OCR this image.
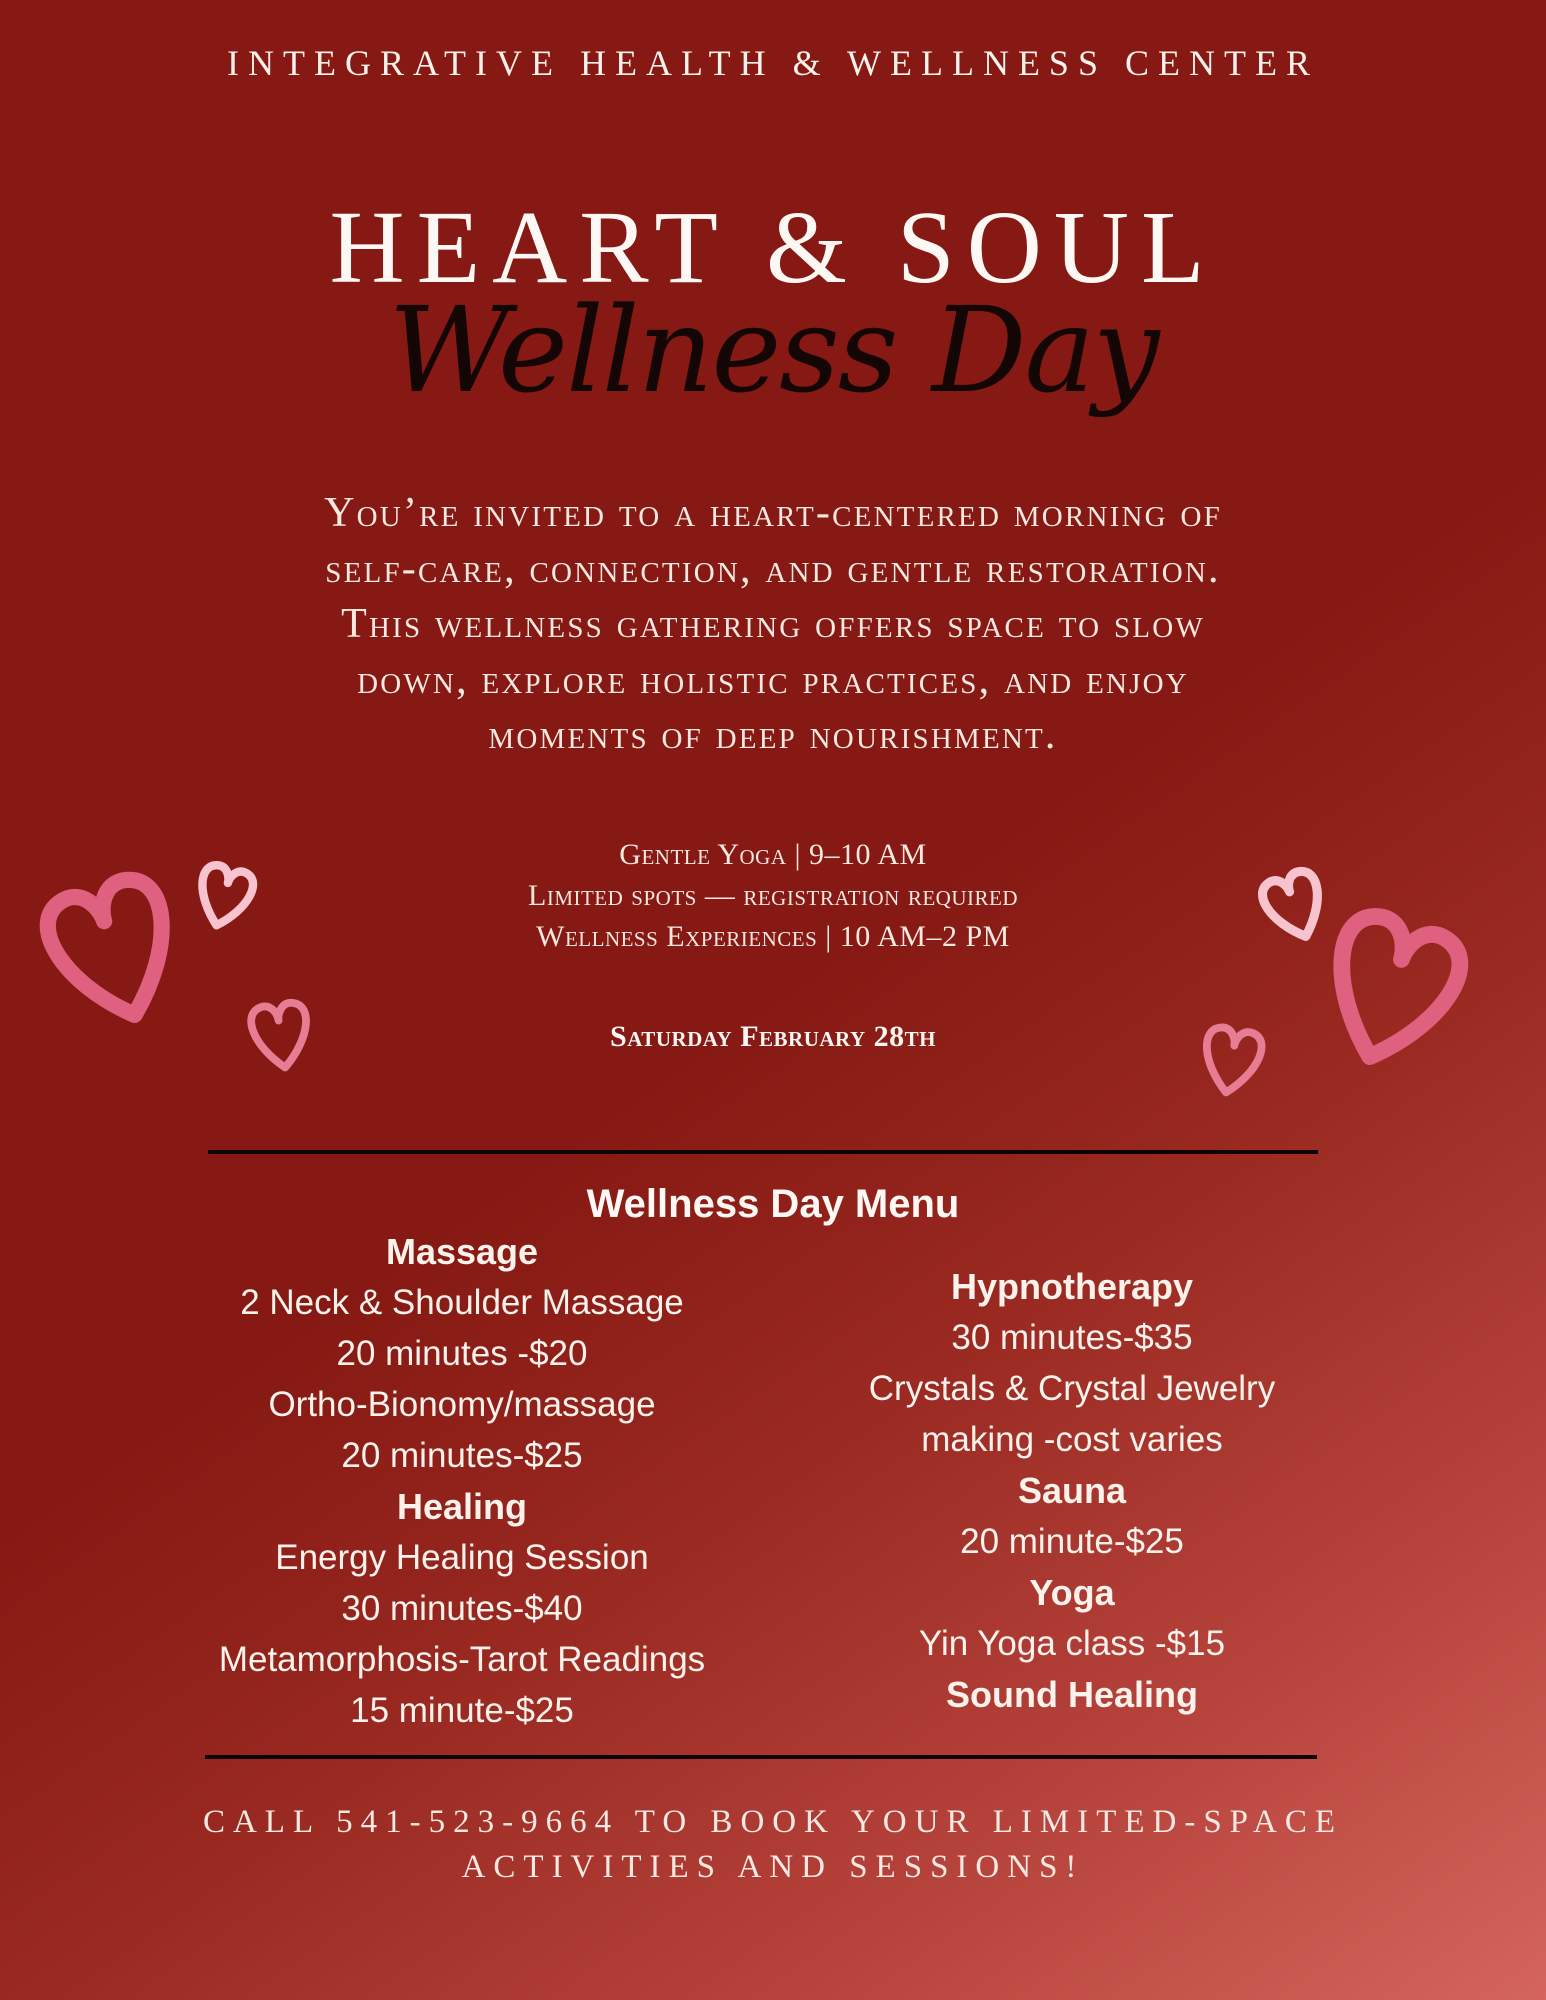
INTEGRATIVE HEALTH & WELLNESS CENTER
HEART & SOUL
Wellness Day
You’re invited to a heart-centered morning of
self-care, connection, and gentle restoration.
This wellness gathering offers space to slow
down, explore holistic practices, and enjoy
moments of deep nourishment.
Gentle Yoga | 9–10 AM
Limited spots — registration required
Wellness Experiences | 10 AM–2 PM
Saturday February 28th
Wellness Day Menu
Massage
2 Neck & Shoulder Massage
20 minutes -$20
Ortho-Bionomy/massage
20 minutes-$25
Healing
Energy Healing Session
30 minutes-$40
Metamorphosis-Tarot Readings
15 minute-$25
Hypnotherapy
30 minutes-$35
Crystals & Crystal Jewelry
making -cost varies
Sauna
20 minute-$25
Yoga
Yin Yoga class -$15
Sound Healing
CALL 541-523-9664 TO BOOK YOUR LIMITED-SPACE
ACTIVITIES AND SESSIONS!
